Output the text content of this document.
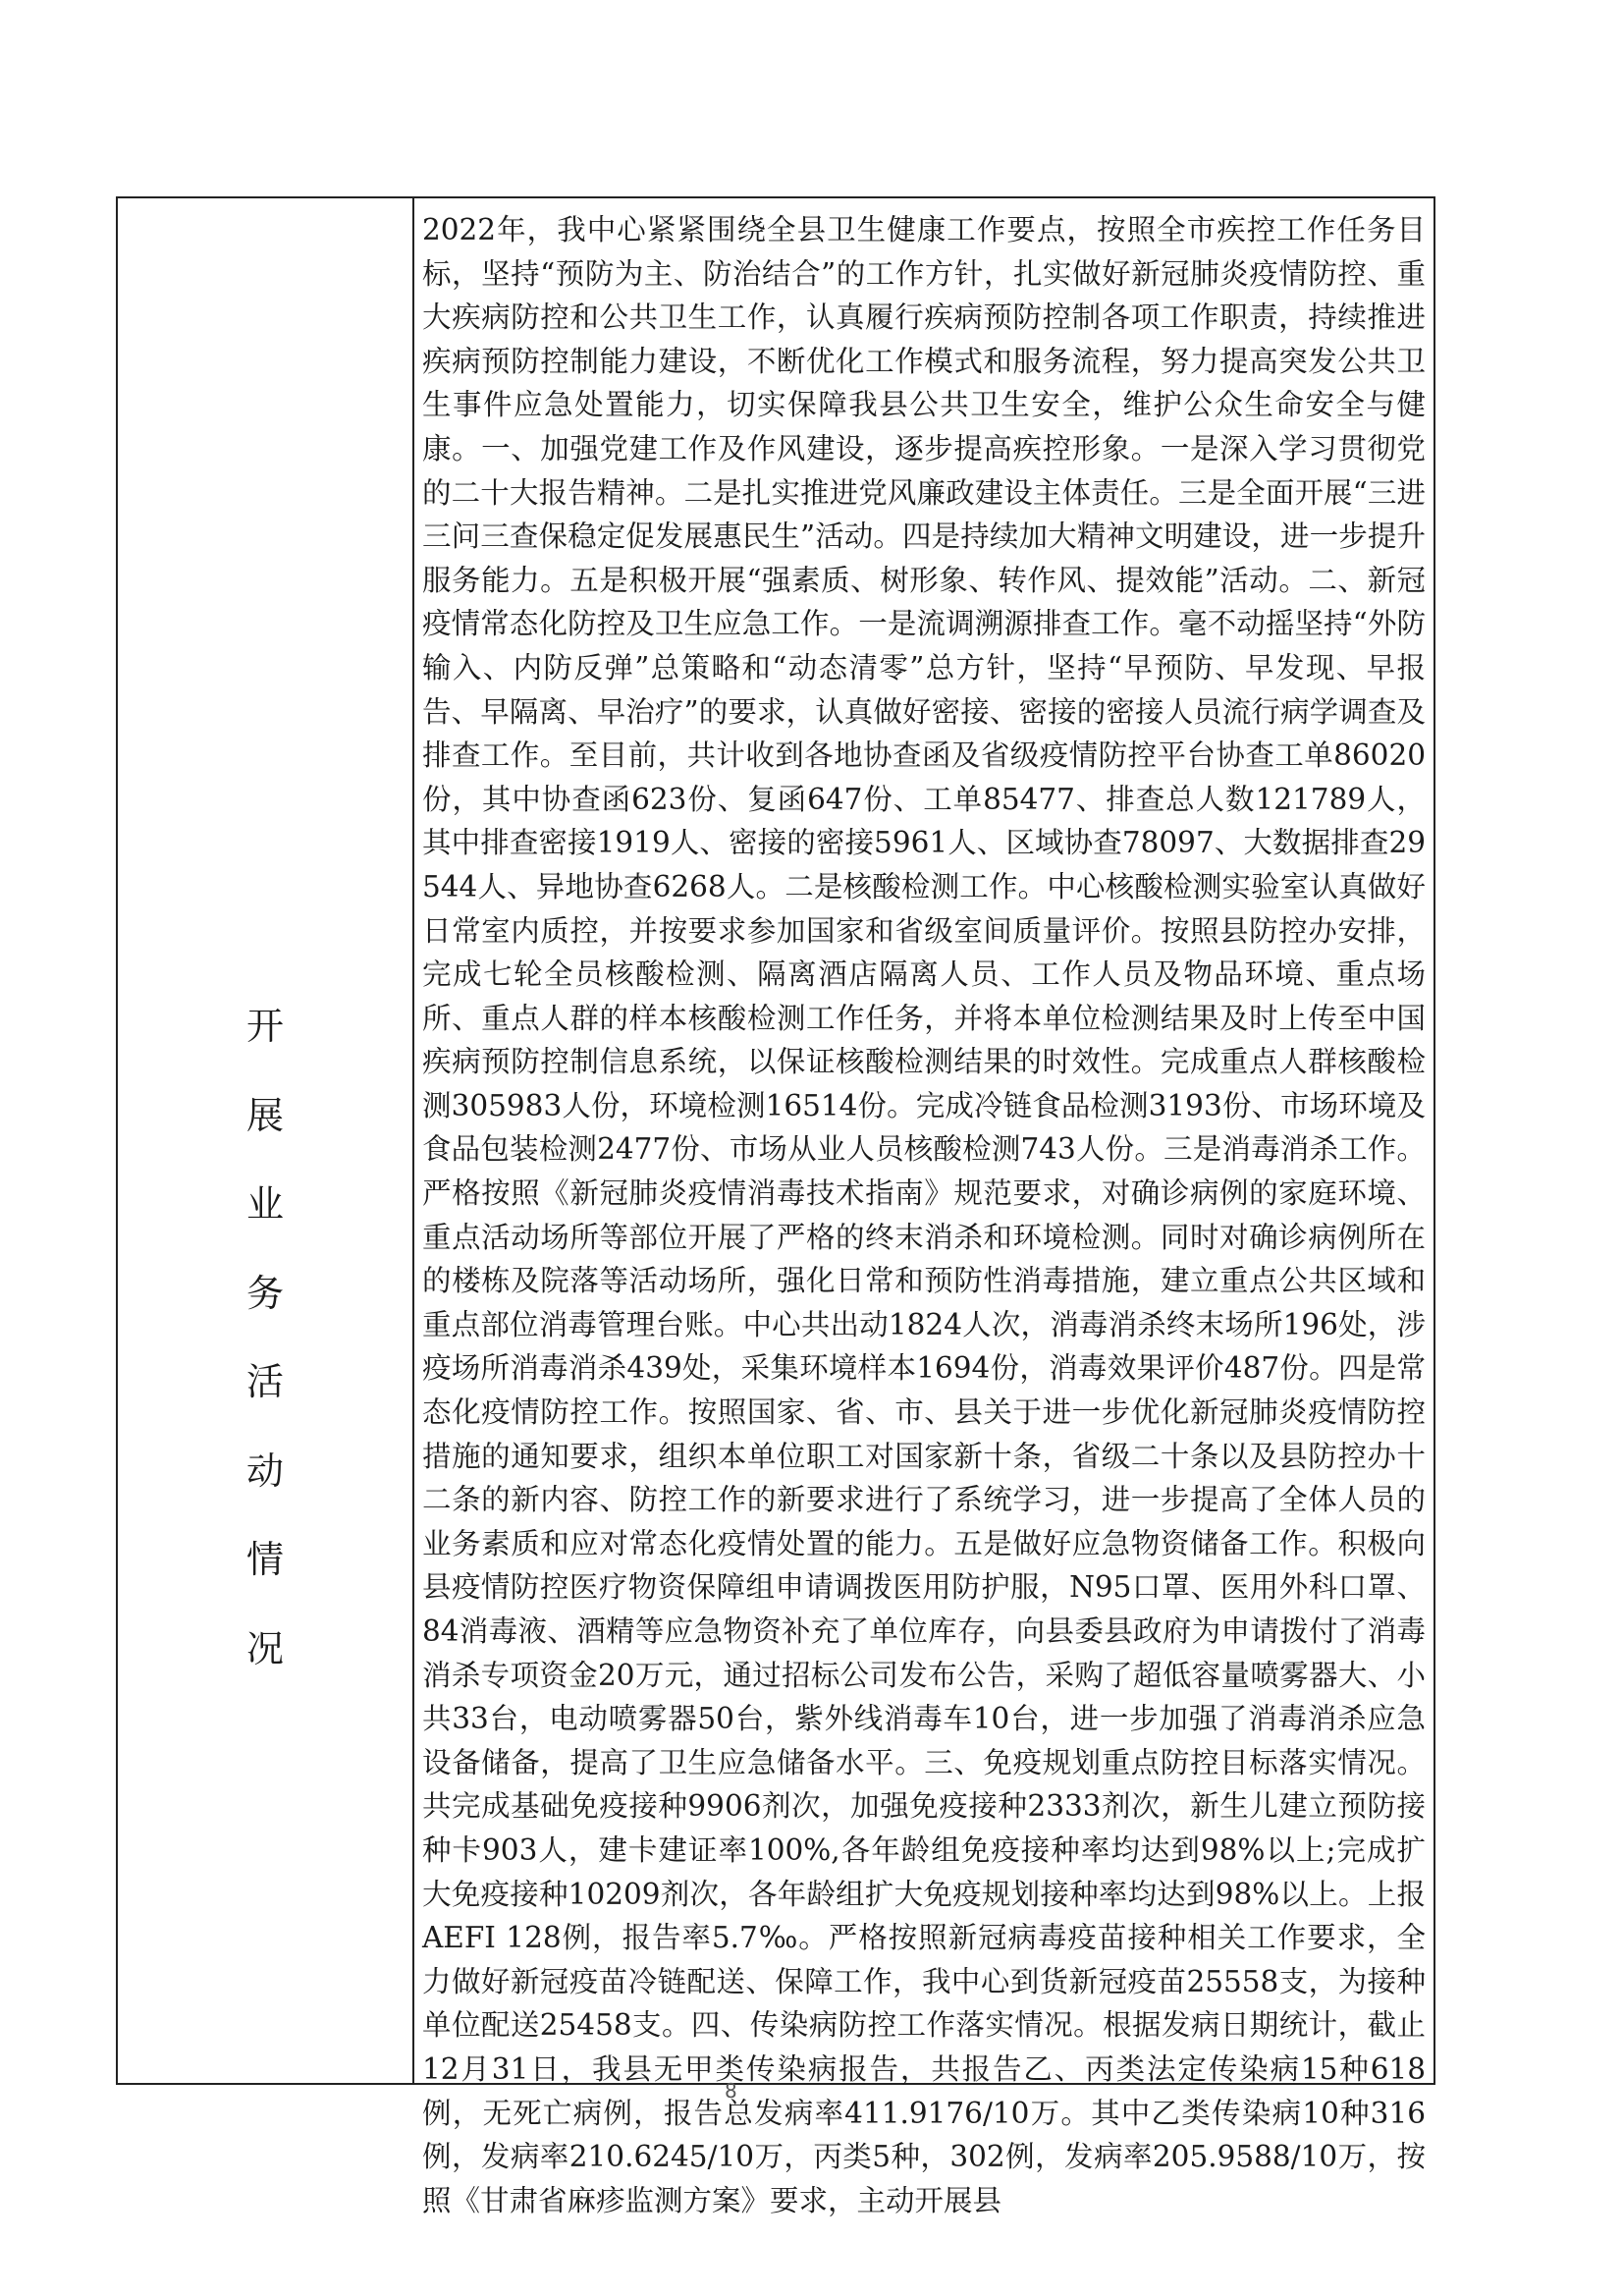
开
展
业
务
活
动
情
况

2022年，我中心紧紧围绕全县卫生健康工作要点，按照全市疾控工作任务目标，坚持“预防为主、防治结合”的工作方针，扎实做好新冠肺炎疫情防控、重大疾病防控和公共卫生工作，认真履行疾病预防控制各项工作职责，持续推进疾病预防控制能力建设，不断优化工作模式和服务流程，努力提高突发公共卫生事件应急处置能力，切实保障我县公共卫生安全，维护公众生命安全与健康。一、加强党建工作及作风建设，逐步提高疾控形象。一是深入学习贯彻党的二十大报告精神。二是扎实推进党风廉政建设主体责任。三是全面开展“三进三问三查保稳定促发展惠民生”活动。四是持续加大精神文明建设，进一步提升服务能力。五是积极开展“强素质、树形象、转作风、提效能”活动。二、新冠疫情常态化防控及卫生应急工作。一是流调溯源排查工作。毫不动摇坚持“外防输入、内防反弹”总策略和“动态清零”总方针，坚持“早预防、早发现、早报告、早隔离、早治疗”的要求，认真做好密接、密接的密接人员流行病学调查及排查工作。至目前，共计收到各地协查函及省级疫情防控平台协查工单86020份，其中协查函623份、复函647份、工单85477、排查总人数121789人，其中排查密接1919人、密接的密接5961人、区域协查78097、大数据排查29544人、异地协查6268人。二是核酸检测工作。中心核酸检测实验室认真做好日常室内质控，并按要求参加国家和省级室间质量评价。按照县防控办安排，完成七轮全员核酸检测、隔离酒店隔离人员、工作人员及物品环境、重点场所、重点人群的样本核酸检测工作任务，并将本单位检测结果及时上传至中国疾病预防控制信息系统，以保证核酸检测结果的时效性。完成重点人群核酸检测305983人份，环境检测16514份。完成冷链食品检测3193份、市场环境及食品包装检测2477份、市场从业人员核酸检测743人份。三是消毒消杀工作。严格按照《新冠肺炎疫情消毒技术指南》规范要求，对确诊病例的家庭环境、重点活动场所等部位开展了严格的终末消杀和环境检测。同时对确诊病例所在的楼栋及院落等活动场所，强化日常和预防性消毒措施，建立重点公共区域和重点部位消毒管理台账。中心共出动1824人次，消毒消杀终末场所196处，涉疫场所消毒消杀439处，采集环境样本1694份，消毒效果评价487份。四是常态化疫情防控工作。按照国家、省、市、县关于进一步优化新冠肺炎疫情防控措施的通知要求，组织本单位职工对国家新十条，省级二十条以及县防控办十二条的新内容、防控工作的新要求进行了系统学习，进一步提高了全体人员的业务素质和应对常态化疫情处置的能力。五是做好应急物资储备工作。积极向县疫情防控医疗物资保障组申请调拨医用防护服，N95口罩、医用外科口罩、84消毒液、酒精等应急物资补充了单位库存，向县委县政府为申请拨付了消毒消杀专项资金20万元，通过招标公司发布公告，采购了超低容量喷雾器大、小共33台，电动喷雾器50台，紫外线消毒车10台，进一步加强了消毒消杀应急设备储备，提高了卫生应急储备水平。三、免疫规划重点防控目标落实情况。共完成基础免疫接种9906剂次，加强免疫接种2333剂次，新生儿建立预防接种卡903人，建卡建证率100%,各年龄组免疫接种率均达到98%以上;完成扩大免疫接种10209剂次，各年龄组扩大免疫规划接种率均达到98%以上。上报AEFI 128例，报告率5.7‰。严格按照新冠病毒疫苗接种相关工作要求，全力做好新冠疫苗冷链配送、保障工作，我中心到货新冠疫苗25558支，为接种单位配送25458支。四、传染病防控工作落实情况。根据发病日期统计，截止12月31日，我县无甲类传染病报告，共报告乙、丙类法定传染病15种618例，无死亡病例，报告总发病率411.9176/10万。其中乙类传染病10种316例，发病率210.6245/10万，丙类5种，302例，发病率205.9588/10万，按照《甘肃省麻疹监测方案》要求，主动开展县

8
